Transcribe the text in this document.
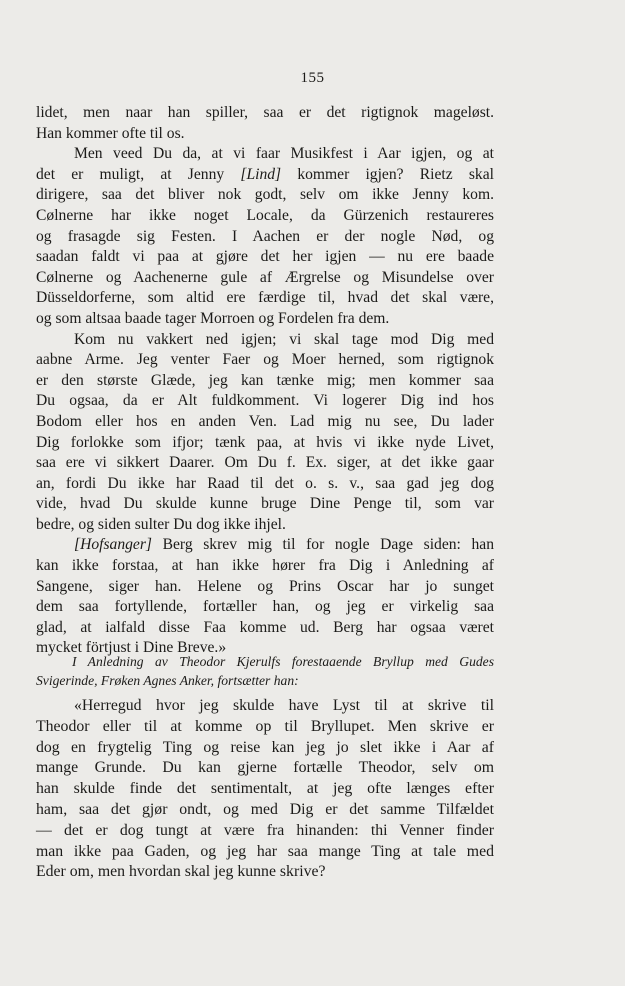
155
lidet, men naar han spiller, saa er det rigtignok mageløst.
Han kommer ofte til os.
Men veed Du da, at vi faar Musikfest i Aar igjen, og at
det er muligt, at Jenny [Lind] kommer igjen? Rietz skal
dirigere, saa det bliver nok godt, selv om ikke Jenny kom.
Cølnerne har ikke noget Locale, da Gürzenich restaureres
og frasagde sig Festen. I Aachen er der nogle Nød, og
saadan faldt vi paa at gjøre det her igjen — nu ere baade
Cølnerne og Aachenerne gule af Ærgrelse og Misundelse over
Düsseldorferne, som altid ere færdige til, hvad det skal være,
og som altsaa baade tager Morroen og Fordelen fra dem.
Kom nu vakkert ned igjen; vi skal tage mod Dig med
aabne Arme. Jeg venter Faer og Moer herned, som rigtignok
er den største Glæde, jeg kan tænke mig; men kommer saa
Du ogsaa, da er Alt fuldkomment. Vi logerer Dig ind hos
Bodom eller hos en anden Ven. Lad mig nu see, Du lader
Dig forlokke som ifjor; tænk paa, at hvis vi ikke nyde Livet,
saa ere vi sikkert Daarer. Om Du f. Ex. siger, at det ikke gaar
an, fordi Du ikke har Raad til det o. s. v., saa gad jeg dog
vide, hvad Du skulde kunne bruge Dine Penge til, som var
bedre, og siden sulter Du dog ikke ihjel.
[Hofsanger] Berg skrev mig til for nogle Dage siden: han
kan ikke forstaa, at han ikke hører fra Dig i Anledning af
Sangene, siger han. Helene og Prins Oscar har jo sunget
dem saa fortyllende, fortæller han, og jeg er virkelig saa
glad, at ialfald disse Faa komme ud. Berg har ogsaa været
mycket förtjust i Dine Breve.»
I Anledning av Theodor Kjerulfs forestaaende Bryllup med Gudes
Svigerinde, Frøken Agnes Anker, fortsætter han:
«Herregud hvor jeg skulde have Lyst til at skrive til
Theodor eller til at komme op til Bryllupet. Men skrive er
dog en frygtelig Ting og reise kan jeg jo slet ikke i Aar af
mange Grunde. Du kan gjerne fortælle Theodor, selv om
han skulde finde det sentimentalt, at jeg ofte længes efter
ham, saa det gjør ondt, og med Dig er det samme Tilfældet
— det er dog tungt at være fra hinanden: thi Venner finder
man ikke paa Gaden, og jeg har saa mange Ting at tale med
Eder om, men hvordan skal jeg kunne skrive?
